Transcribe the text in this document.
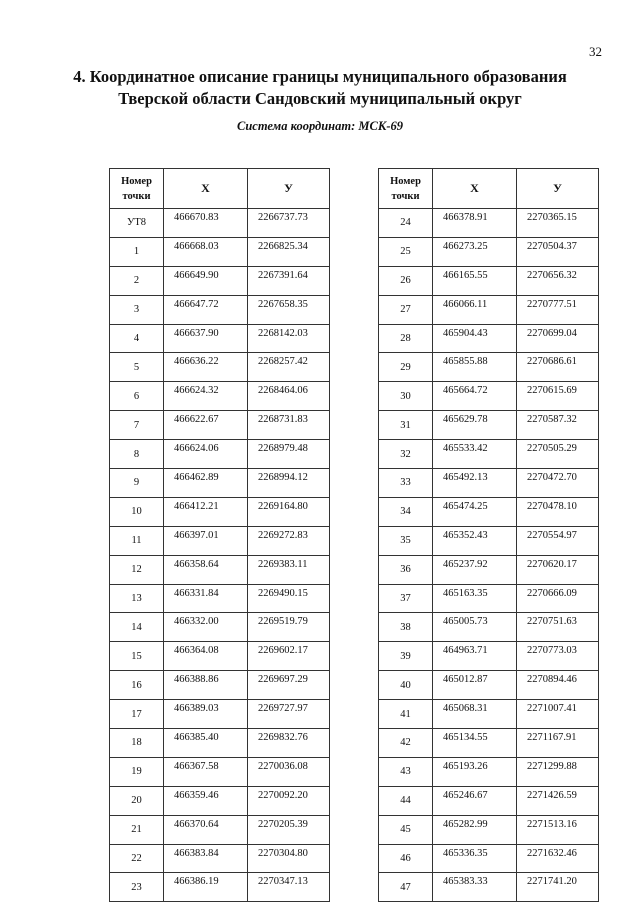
32
4. Координатное описание границы муниципального образования
Тверской области Сандовский муниципальный округ
Система координат: МСК-69
Номер
точки	X	У
УТ8	466670.83	2266737.73
1	466668.03	2266825.34
2	466649.90	2267391.64
3	466647.72	2267658.35
4	466637.90	2268142.03
5	466636.22	2268257.42
6	466624.32	2268464.06
7	466622.67	2268731.83
8	466624.06	2268979.48
9	466462.89	2268994.12
10	466412.21	2269164.80
11	466397.01	2269272.83
12	466358.64	2269383.11
13	466331.84	2269490.15
14	466332.00	2269519.79
15	466364.08	2269602.17
16	466388.86	2269697.29
17	466389.03	2269727.97
18	466385.40	2269832.76
19	466367.58	2270036.08
20	466359.46	2270092.20
21	466370.64	2270205.39
22	466383.84	2270304.80
23	466386.19	2270347.13
Номер
точки	X	У
24	466378.91	2270365.15
25	466273.25	2270504.37
26	466165.55	2270656.32
27	466066.11	2270777.51
28	465904.43	2270699.04
29	465855.88	2270686.61
30	465664.72	2270615.69
31	465629.78	2270587.32
32	465533.42	2270505.29
33	465492.13	2270472.70
34	465474.25	2270478.10
35	465352.43	2270554.97
36	465237.92	2270620.17
37	465163.35	2270666.09
38	465005.73	2270751.63
39	464963.71	2270773.03
40	465012.87	2270894.46
41	465068.31	2271007.41
42	465134.55	2271167.91
43	465193.26	2271299.88
44	465246.67	2271426.59
45	465282.99	2271513.16
46	465336.35	2271632.46
47	465383.33	2271741.20
